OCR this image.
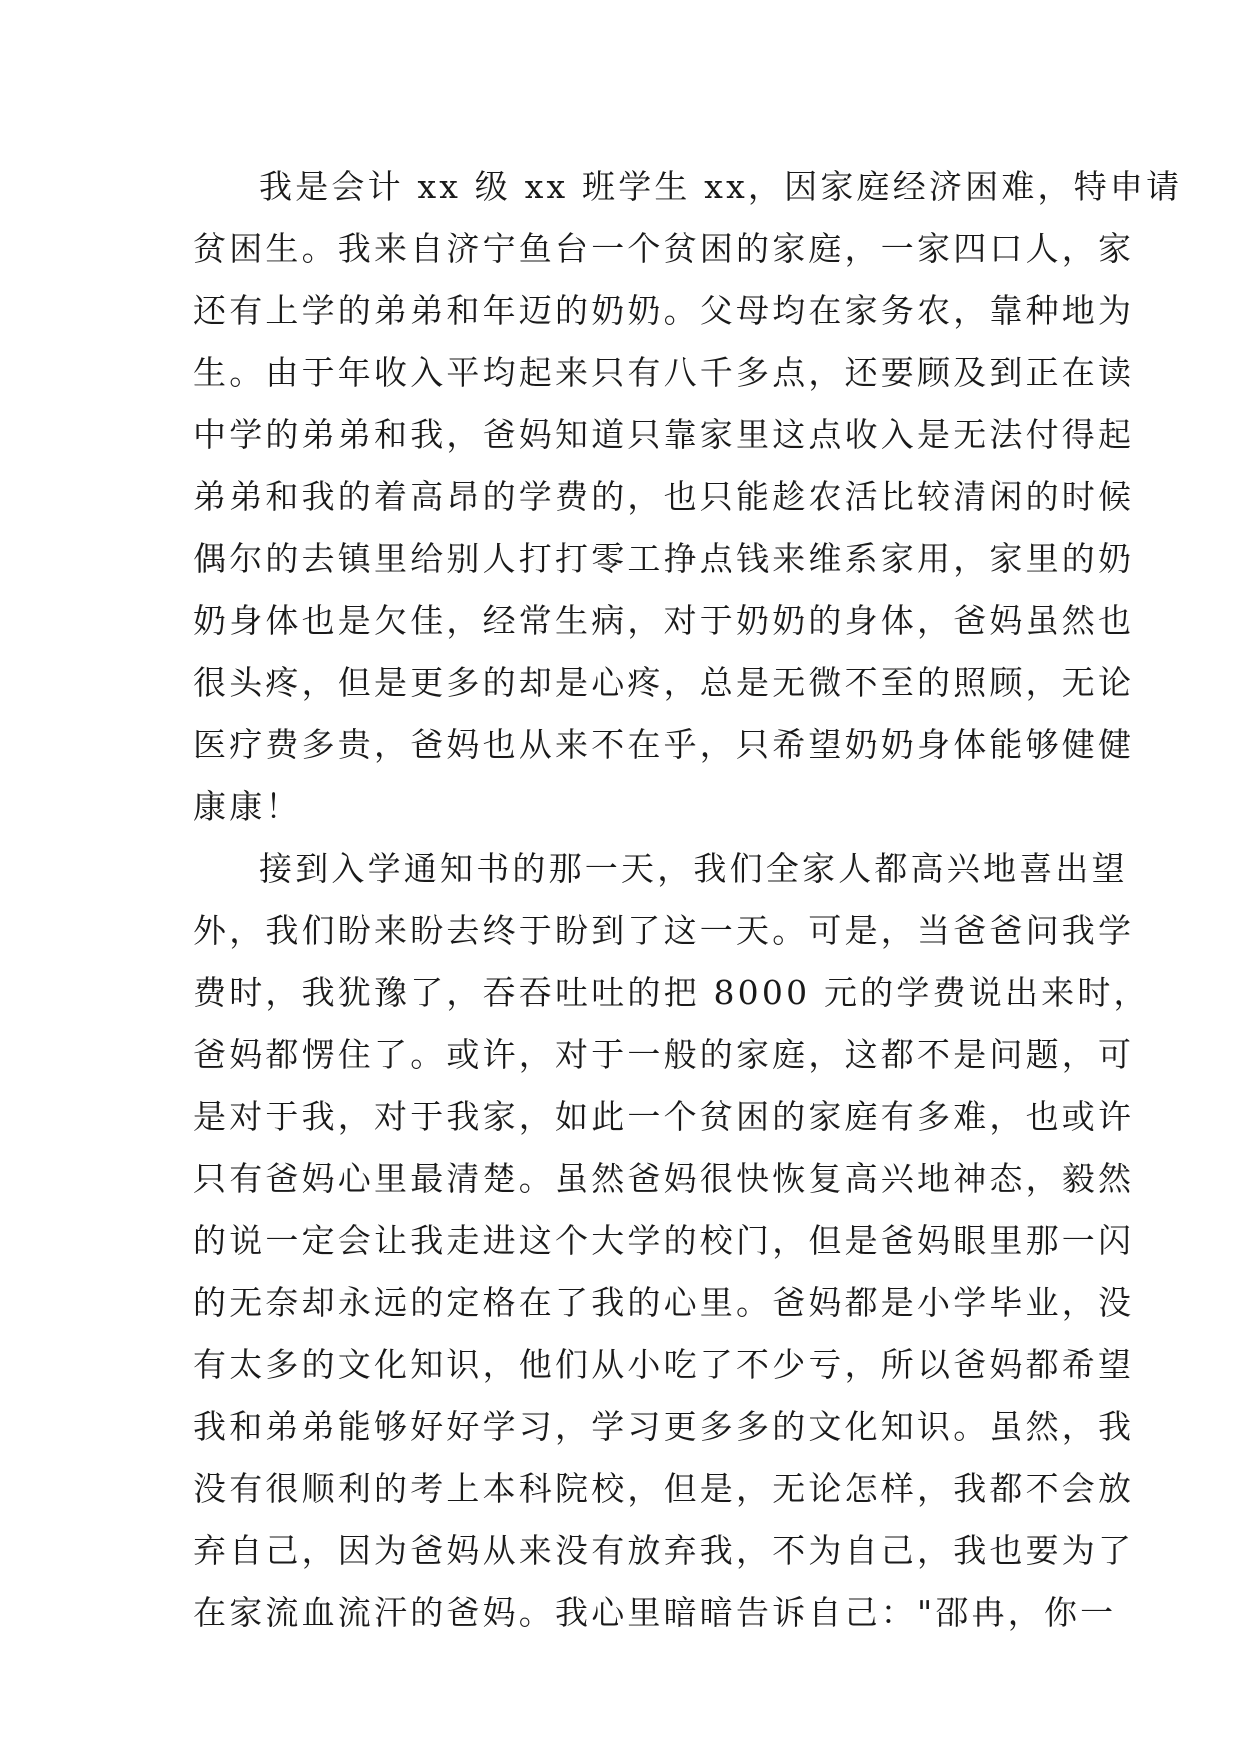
我是会计 xx 级 xx 班学生 xx，因家庭经济困难，特申请
贫困生。我来自济宁鱼台一个贫困的家庭，一家四口人，家
还有上学的弟弟和年迈的奶奶。父母均在家务农，靠种地为
生。由于年收入平均起来只有八千多点，还要顾及到正在读
中学的弟弟和我，爸妈知道只靠家里这点收入是无法付得起
弟弟和我的着高昂的学费的，也只能趁农活比较清闲的时候
偶尔的去镇里给别人打打零工挣点钱来维系家用，家里的奶
奶身体也是欠佳，经常生病，对于奶奶的身体，爸妈虽然也
很头疼，但是更多的却是心疼，总是无微不至的照顾，无论
医疗费多贵，爸妈也从来不在乎，只希望奶奶身体能够健健
康康！
接到入学通知书的那一天，我们全家人都高兴地喜出望
外，我们盼来盼去终于盼到了这一天。可是，当爸爸问我学
费时，我犹豫了，吞吞吐吐的把 8000 元的学费说出来时，
爸妈都愣住了。或许，对于一般的家庭，这都不是问题，可
是对于我，对于我家，如此一个贫困的家庭有多难，也或许
只有爸妈心里最清楚。虽然爸妈很快恢复高兴地神态，毅然
的说一定会让我走进这个大学的校门，但是爸妈眼里那一闪
的无奈却永远的定格在了我的心里。爸妈都是小学毕业，没
有太多的文化知识，他们从小吃了不少亏，所以爸妈都希望
我和弟弟能够好好学习，学习更多多的文化知识。虽然，我
没有很顺利的考上本科院校，但是，无论怎样，我都不会放
弃自己，因为爸妈从来没有放弃我，不为自己，我也要为了
在家流血流汗的爸妈。我心里暗暗告诉自己："邵冉，你一
